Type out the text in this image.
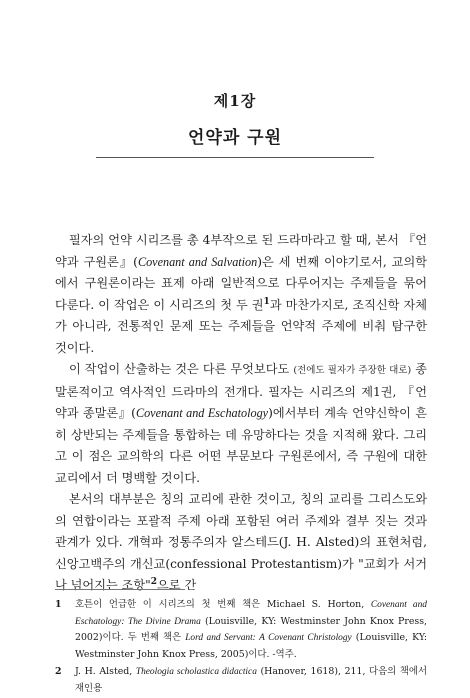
제1장
언약과 구원

필자의 언약 시리즈를 총 4부작으로 된 드라마라고 할 때, 본서 『언약과 구원론』(Covenant and Salvation)은 세 번째 이야기로서, 교의학에서 구원론이라는 표제 아래 일반적으로 다루어지는 주제들을 묶어 다룬다. 이 작업은 이 시리즈의 첫 두 권$^1$과 마찬가지로, 조직신학 자체가 아니라, 전통적인 문제 또는 주제들을 언약적 주제에 비춰 탐구한 것이다.

이 작업이 산출하는 것은 다른 무엇보다도 (전에도 필자가 주장한 대로) 종말론적이고 역사적인 드라마의 전개다. 필자는 시리즈의 제1권, 『언약과 종말론』(Covenant and Eschatology)에서부터 계속 언약신학이 흔히 상반되는 주제들을 통합하는 데 유망하다는 것을 지적해 왔다. 그리고 이 점은 교의학의 다른 어떤 부문보다 구원론에서, 즉 구원에 대한 교리에서 더 명백할 것이다.

본서의 대부분은 칭의 교리에 관한 것이고, 칭의 교리를 그리스도와의 연합이라는 포괄적 주제 아래 포함된 여러 주제와 결부 짓는 것과 관계가 있다. 개혁파 정통주의자 알스테드(J. H. Alsted)의 표현처럼, 신앙고백주의 개신교(confessional Protestantism)가 "교회가 서거나 넘어지는 조항"$^2$으로 간

1 호튼이 언급한 이 시리즈의 첫 번째 책은 Michael S. Horton, Covenant and Eschatology: The Divine Drama (Louisville, KY: Westminster John Knox Press, 2002)이다. 두 번째 책은 Lord and Servant: A Covenant Christology (Louisville, KY: Westminster John Knox Press, 2005)이다. -역주.
2 J. H. Alsted, Theologia scholastica didactica (Hanover, 1618), 211, 다음의 책에서 재인용
